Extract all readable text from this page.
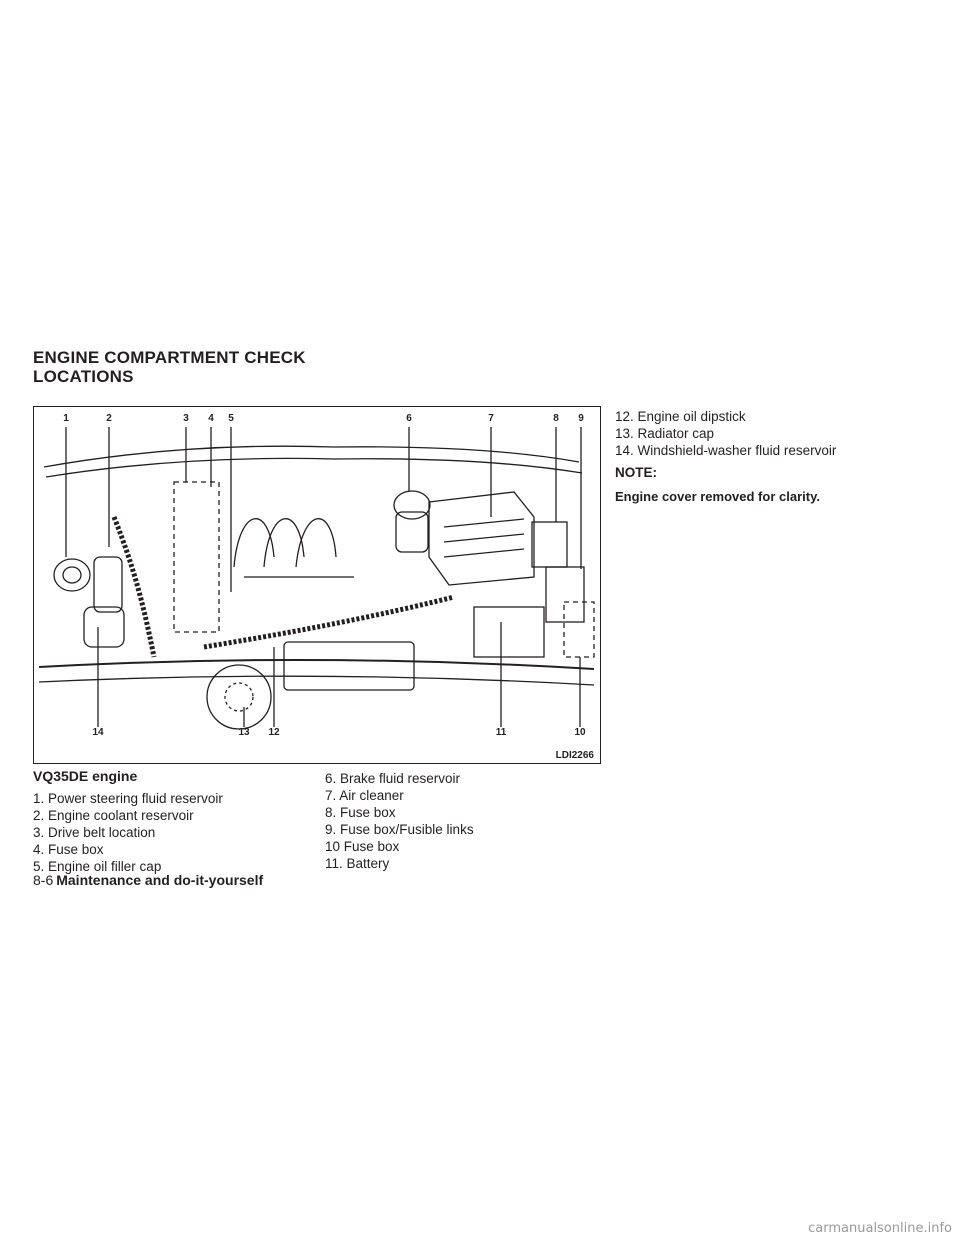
ENGINE COMPARTMENT CHECK
LOCATIONS
1	2	3	4	5	6	7	8	9
14	13	12	11	10
LDI2266
VQ35DE engine
1. Power steering fluid reservoir
2. Engine coolant reservoir
3. Drive belt location
4. Fuse box
5. Engine oil filler cap
6. Brake fluid reservoir
7. Air cleaner
8. Fuse box
9. Fuse box/Fusible links
10 Fuse box
11. Battery
12. Engine oil dipstick
13. Radiator cap
14. Windshield-washer fluid reservoir
NOTE:
Engine cover removed for clarity.
8-6 Maintenance and do-it-yourself
carmanualsonline.info
